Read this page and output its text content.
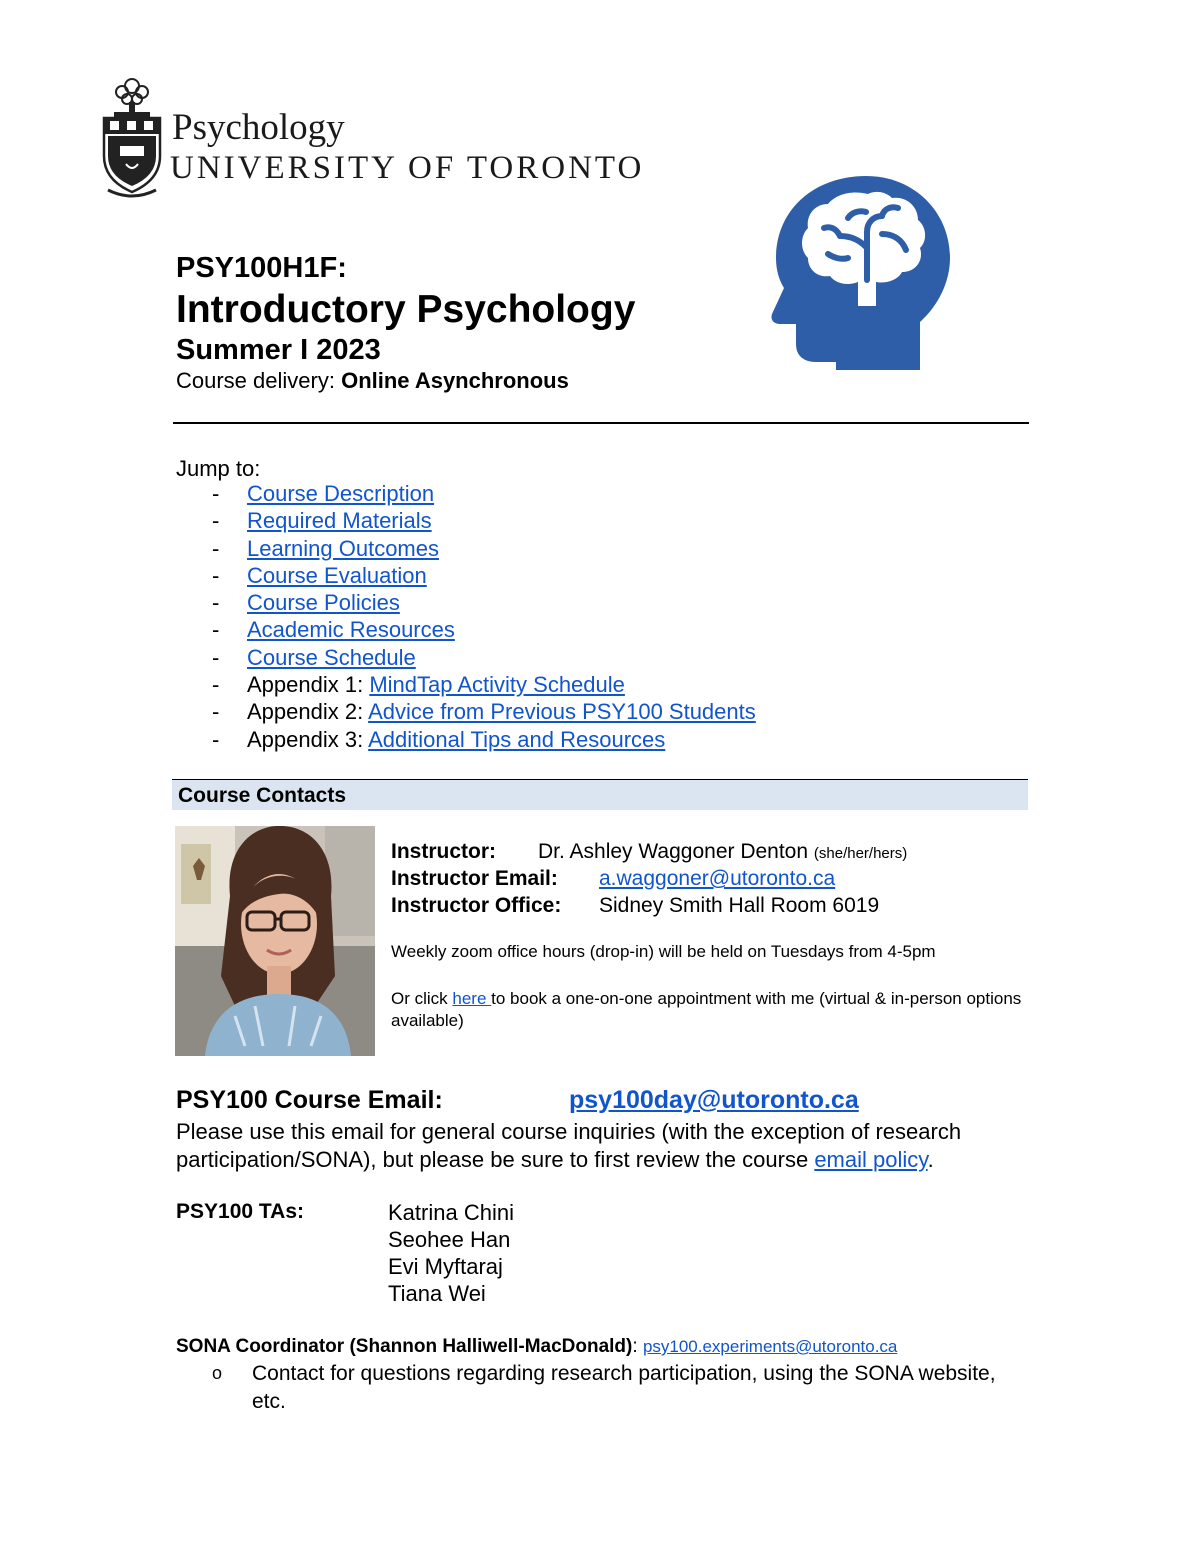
Psychology
UNIVERSITY OF TORONTO
PSY100H1F:
Introductory Psychology
Summer I 2023
Course delivery: Online Asynchronous
Jump to:
- Course Description
- Required Materials
- Learning Outcomes
- Course Evaluation
- Course Policies
- Academic Resources
- Course Schedule
- Appendix 1: MindTap Activity Schedule
- Appendix 2: Advice from Previous PSY100 Students
- Appendix 3: Additional Tips and Resources
Course Contacts
Instructor: Dr. Ashley Waggoner Denton (she/her/hers)
Instructor Email: a.waggoner@utoronto.ca
Instructor Office: Sidney Smith Hall Room 6019
Weekly zoom office hours (drop-in) will be held on Tuesdays from 4-5pm
Or click here to book a one-on-one appointment with me (virtual & in-person options available)
PSY100 Course Email:	psy100day@utoronto.ca
Please use this email for general course inquiries (with the exception of research participation/SONA), but please be sure to first review the course email policy.
PSY100 TAs:	Katrina Chini
Seohee Han
Evi Myftaraj
Tiana Wei
SONA Coordinator (Shannon Halliwell-MacDonald): psy100.experiments@utoronto.ca
o Contact for questions regarding research participation, using the SONA website, etc.
